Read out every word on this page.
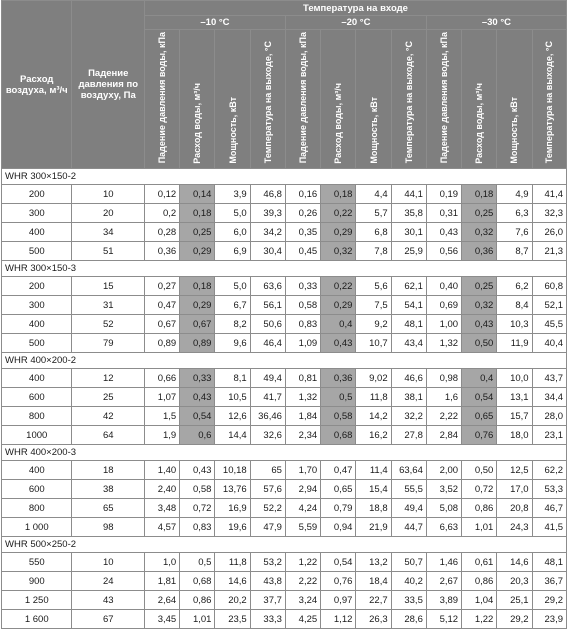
Расход воздуха, м³/ч	Падение давления по воздуху, Па	Температура на входе											
		–10 °С				–20 °С				–30 °С			
		Падение давления воды, кПа	Расход воды, м³/ч	Мощность, кВт	Температура на выходе, °С	Падение давления воды, кПа	Расход воды, м³/ч	Мощность, кВт	Температура на выходе, °С	Падение давления воды, кПа	Расход воды, м³/ч	Мощность, кВт	Температура на выходе, °С
WHR 300×150-2													
200	10	0,12	0,14	3,9	46,8	0,16	0,18	4,4	44,1	0,19	0,18	4,9	41,4
300	20	0,2	0,18	5,0	39,3	0,26	0,22	5,7	35,8	0,31	0,25	6,3	32,3
400	34	0,28	0,25	6,0	34,2	0,35	0,29	6,8	30,1	0,43	0,32	7,6	26,0
500	51	0,36	0,29	6,9	30,4	0,45	0,32	7,8	25,9	0,56	0,36	8,7	21,3
WHR 300×150-3													
200	15	0,27	0,18	5,0	63,6	0,33	0,22	5,6	62,1	0,40	0,25	6,2	60,8
300	31	0,47	0,29	6,7	56,1	0,58	0,29	7,5	54,1	0,69	0,32	8,4	52,1
400	52	0,67	0,67	8,2	50,6	0,83	0,4	9,2	48,1	1,00	0,43	10,3	45,5
500	79	0,89	0,89	9,6	46,4	1,09	0,43	10,7	43,4	1,32	0,50	11,9	40,4
WHR 400×200-2													
400	12	0,66	0,33	8,1	49,4	0,81	0,36	9,02	46,6	0,98	0,4	10,0	43,7
600	25	1,07	0,43	10,5	41,7	1,32	0,5	11,8	38,1	1,6	0,54	13,1	34,4
800	42	1,5	0,54	12,6	36,46	1,84	0,58	14,2	32,2	2,22	0,65	15,7	28,0
1000	64	1,9	0,6	14,4	32,6	2,34	0,68	16,2	27,8	2,84	0,76	18,0	23,1
WHR 400×200-3													
400	18	1,40	0,43	10,18	65	1,70	0,47	11,4	63,64	2,00	0,50	12,5	62,2
600	38	2,40	0,58	13,76	57,6	2,94	0,65	15,4	55,5	3,52	0,72	17,0	53,3
800	65	3,48	0,72	16,9	52,2	4,24	0,79	18,8	49,4	5,08	0,86	20,8	46,7
1 000	98	4,57	0,83	19,6	47,9	5,59	0,94	21,9	44,7	6,63	1,01	24,3	41,5
WHR 500×250-2													
550	10	1,0	0,5	11,8	53,2	1,22	0,54	13,2	50,7	1,46	0,61	14,6	48,1
900	24	1,81	0,68	14,6	43,8	2,22	0,76	18,4	40,2	2,67	0,86	20,3	36,7
1 250	43	2,64	0,86	20,2	37,7	3,24	0,97	22,7	33,5	3,89	1,04	25,1	29,2
1 600	67	3,45	1,01	23,5	33,3	4,25	1,12	26,3	28,6	5,12	1,22	29,2	23,9
